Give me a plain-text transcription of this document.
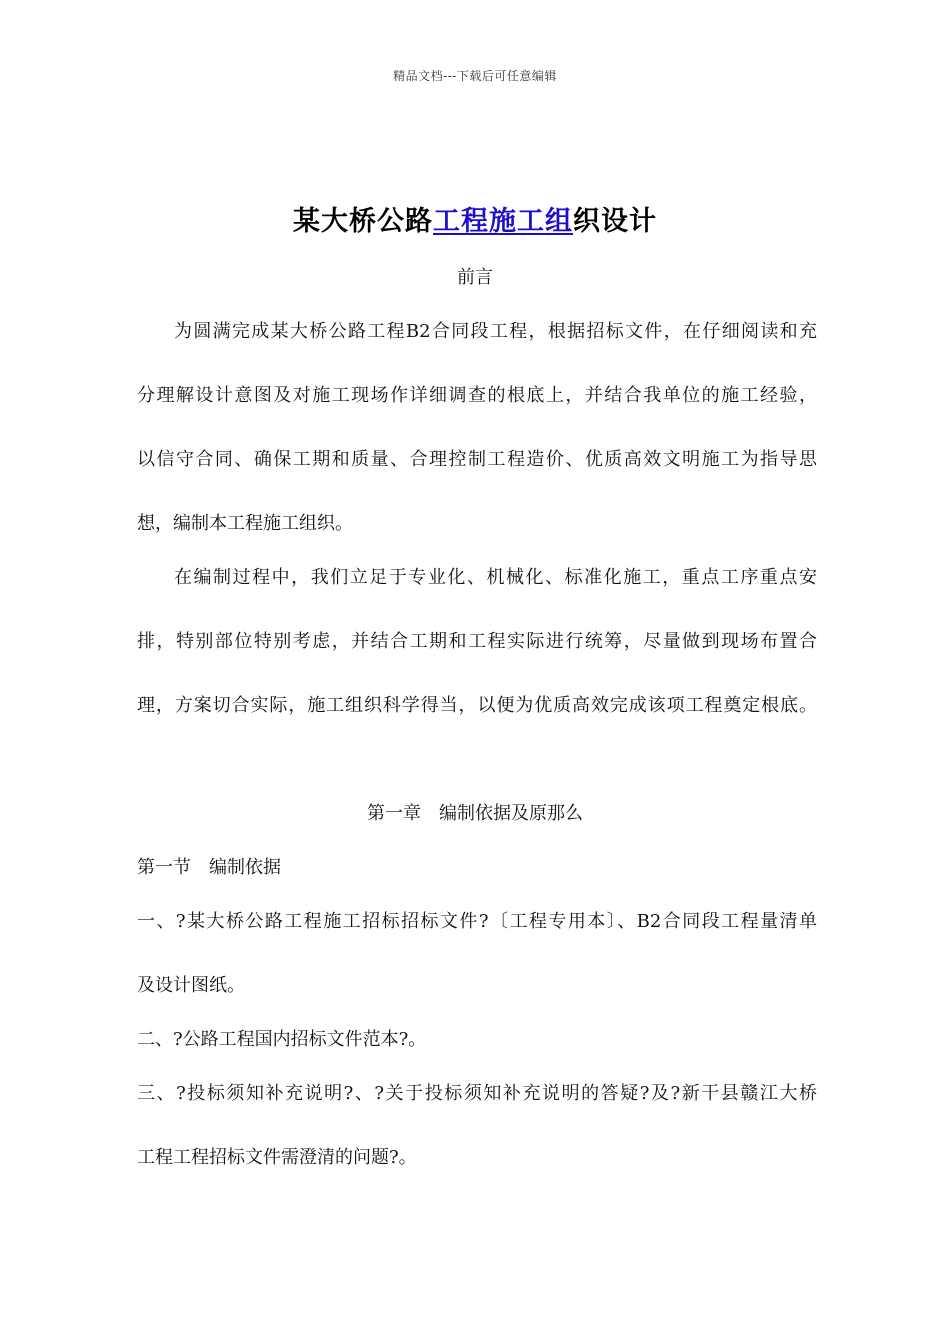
精品文档---下载后可任意编辑
某大桥公路工程施工组织设计
前言
为圆满完成某大桥公路工程B2合同段工程，根据招标文件，在仔细阅读和充
分理解设计意图及对施工现场作详细调查的根底上，并结合我单位的施工经验，
以信守合同、确保工期和质量、合理控制工程造价、优质高效文明施工为指导思
想，编制本工程施工组织。
在编制过程中，我们立足于专业化、机械化、标准化施工，重点工序重点安
排，特别部位特别考虑，并结合工期和工程实际进行统筹，尽量做到现场布置合
理，方案切合实际，施工组织科学得当，以便为优质高效完成该项工程奠定根底。
第一章　编制依据及原那么
第一节　编制依据
一、?某大桥公路工程施工招标招标文件?〔工程专用本〕、B2合同段工程量清单
及设计图纸。
二、?公路工程国内招标文件范本?。
三、?投标须知补充说明?、?关于投标须知补充说明的答疑?及?新干县赣江大桥
工程工程招标文件需澄清的问题?。
